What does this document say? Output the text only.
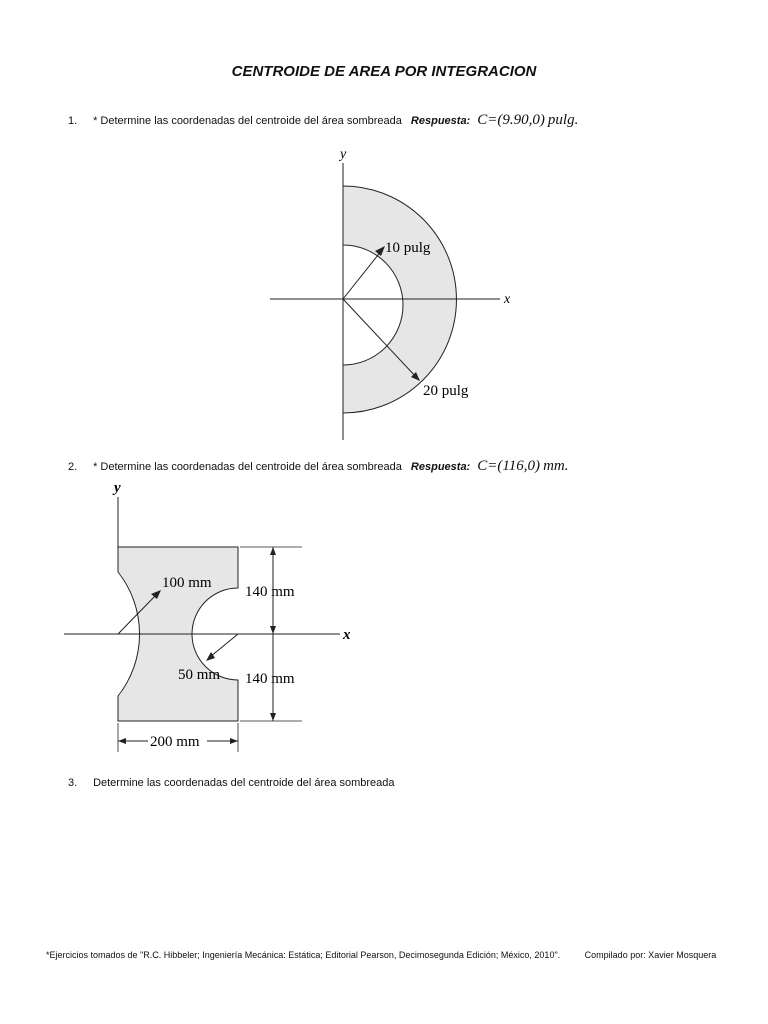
CENTROIDE DE AREA POR INTEGRACION
1. * Determine las coordenadas del centroide del área sombreada Respuesta: C=(9.90,0)  pulg.
y
x
10 pulg
20 pulg
2. * Determine las coordenadas del centroide del área sombreada Respuesta: C=(116,0)  mm.
y
x
100 mm
50 mm
140 mm
140 mm
200 mm
3. Determine las coordenadas del centroide del área sombreada
*Ejercicios tomados de "R.C. Hibbeler; Ingeniería Mecánica: Estática; Editorial Pearson, Decimosegunda Edición; México, 2010".	Compilado por: Xavier Mosquera
